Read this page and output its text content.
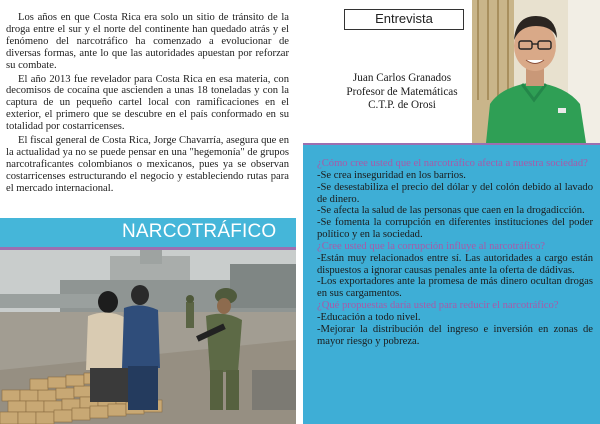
Los años en que Costa Rica era solo un sitio de tránsito de la droga entre el sur y el norte del continente han quedado atrás y el fenómeno del narcotráfico ha comenzado a evolucionar de diversas formas, ante lo que las autoridades apuestan por reforzar su combate.

El año 2013 fue revelador para Costa Rica en esa materia, con decomisos de cocaína que ascienden a unas 18 toneladas y con la captura de un pequeño cartel local con ramificaciones en el exterior, el primero que se descubre en el país conformado en su totalidad por costarricenses.

El fiscal general de Costa Rica, Jorge Chavarría, asegura que en la actualidad ya no se puede pensar en una "hegemonía" de grupos narcotraficantes colombianos o mexicanos, pues ya se observan costarricenses estructurando el negocio y estableciendo rutas para el mercado internacional.

NARCOTRÁFICO
Entrevista
Juan Carlos Granados
Profesor de Matemáticas
C.T.P. de Orosi
¿Cómo cree usted que el narcotráfico afecta a nuestra sociedad?
-Se crea inseguridad en los barrios.
-Se desestabiliza el precio del dólar y del colón debido al lavado de dinero.
-Se afecta la salud de las personas que caen en la drogadicción.
-Se fomenta la corrupción en diferentes instituciones del poder político y en la sociedad.
¿Cree usted que la corrupción influye al narcotráfico?
-Están muy relacionados entre sí. Las autoridades a cargo están dispuestos a ignorar causas penales ante la oferta de dádivas.
-Los exportadores ante la promesa de más dinero ocultan drogas en sus cargamentos.
¿Qué propuestas daría usted para reducir el narcotráfico?
-Educación a todo nivel.
-Mejorar la distribución del ingreso e inversión en zonas de mayor riesgo y pobreza.
